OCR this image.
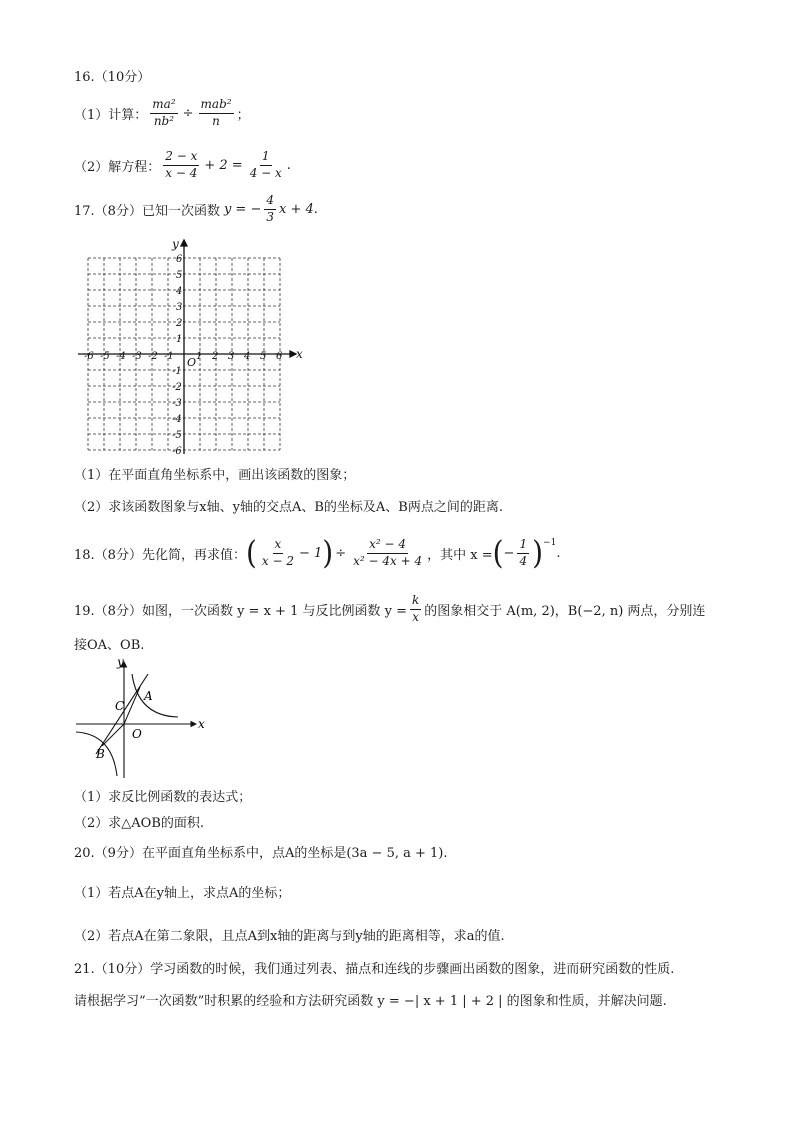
16.（10分）
（1）计算： $\frac{\text{ma²}}{\text{nb²}} \div \frac{\text{mab²}}{n}$ ；
（2）解方程： $\frac{2 - x}{x - 4} + 2 = \frac{1}{4 - x}$ .
17.（8分）已知一次函数 y = − $\frac{4}{3}$ x + 4 .
-6 -5 -4 -3 -2 -1 1 2 3 4 5 6
6
5
4
3
2
1
-1
-2
-3
-4
-5
-6
O
x
y
（1）在平面直角坐标系中，画出该函数的图象；
（2）求该函数图象与x轴、y轴的交点A、B的坐标及A、B两点之间的距离.
18.（8分）先化简，再求值： ( $\frac{x}{x - 2} - 1$ ) ÷ $\frac{\text{x² − 4}}{\text{x² − 4x + 4}}$ ，其中 x = ( − $\frac{1}{4} )^{-1}$
.
19.（8分）如图，一次函数 y = x + 1 与反比例函数 $y = \frac{k}{x}$ 的图象相交于 A(m, 2)，B(−2, n) 两点，分别连
接OA、OB.
x
y
A
B
C
O
（1）求反比例函数的表达式；
（2）求△AOB的面积.
20.（9分）在平面直角坐标系中，点A的坐标是(3a − 5, a + 1).
（1）若点A在y轴上，求点A的坐标；
（2）若点A在第二象限，且点A到x轴的距离与到y轴的距离相等，求a的值.
21.（10分）学习函数的时候，我们通过列表、描点和连线的步骤画出函数的图象，进而研究函数的性质.
请根据学习“一次函数”时积累的经验和方法研究函数 y = −| x + 1 | + 2 | 的图象和性质，并解决问题.
